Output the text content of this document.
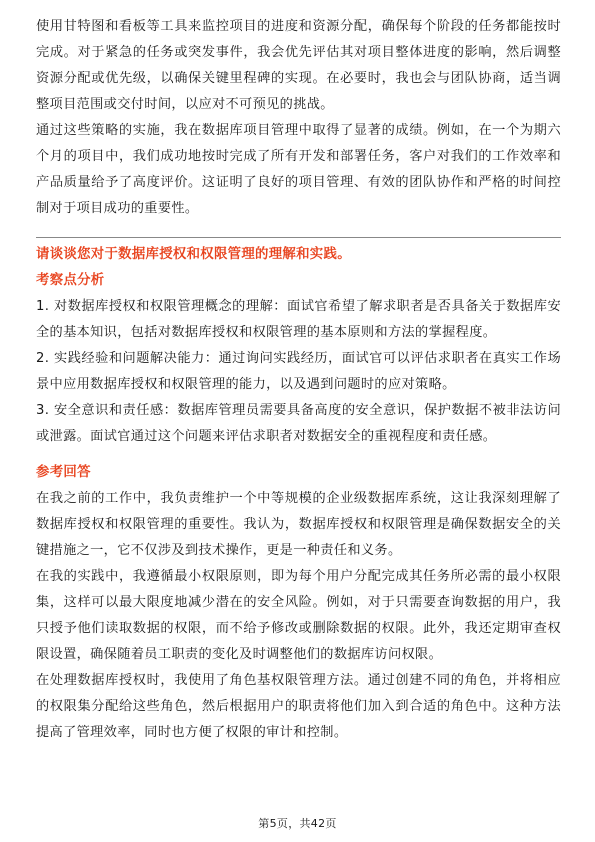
使用甘特图和看板等工具来监控项目的进度和资源分配，确保每个阶段的任务都能按时完成。对于紧急的任务或突发事件，我会优先评估其对项目整体进度的影响，然后调整资源分配或优先级，以确保关键里程碑的实现。在必要时，我也会与团队协商，适当调整项目范围或交付时间，以应对不可预见的挑战。

通过这些策略的实施，我在数据库项目管理中取得了显著的成绩。例如，在一个为期六个月的项目中，我们成功地按时完成了所有开发和部署任务，客户对我们的工作效率和产品质量给予了高度评价。这证明了良好的项目管理、有效的团队协作和严格的时间控制对于项目成功的重要性。

请谈谈您对于数据库授权和权限管理的理解和实践。

考察点分析

1. 对数据库授权和权限管理概念的理解：面试官希望了解求职者是否具备关于数据库安全的基本知识，包括对数据库授权和权限管理的基本原则和方法的掌握程度。

2. 实践经验和问题解决能力：通过询问实践经历，面试官可以评估求职者在真实工作场景中应用数据库授权和权限管理的能力，以及遇到问题时的应对策略。

3. 安全意识和责任感：数据库管理员需要具备高度的安全意识，保护数据不被非法访问或泄露。面试官通过这个问题来评估求职者对数据安全的重视程度和责任感。

参考回答

在我之前的工作中，我负责维护一个中等规模的企业级数据库系统，这让我深刻理解了数据库授权和权限管理的重要性。我认为，数据库授权和权限管理是确保数据安全的关键措施之一，它不仅涉及到技术操作，更是一种责任和义务。

在我的实践中，我遵循最小权限原则，即为每个用户分配完成其任务所必需的最小权限集，这样可以最大限度地减少潜在的安全风险。例如，对于只需要查询数据的用户，我只授予他们读取数据的权限，而不给予修改或删除数据的权限。此外，我还定期审查权限设置，确保随着员工职责的变化及时调整他们的数据库访问权限。

在处理数据库授权时，我使用了角色基权限管理方法。通过创建不同的角色，并将相应的权限集分配给这些角色，然后根据用户的职责将他们加入到合适的角色中。这种方法提高了管理效率，同时也方便了权限的审计和控制。

第5页，共42页
